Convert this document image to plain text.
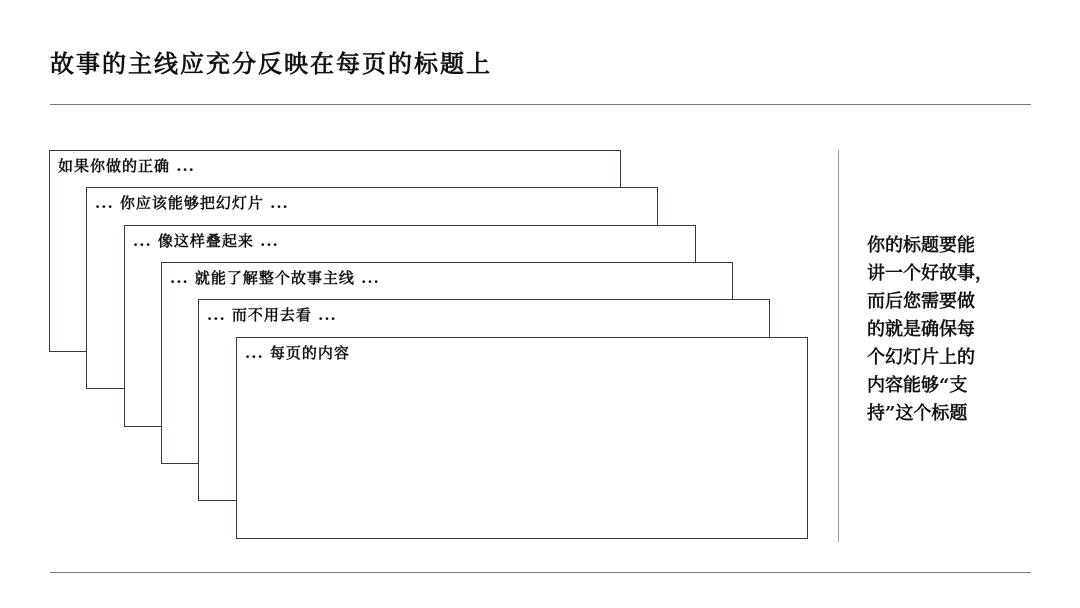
故事的主线应充分反映在每页的标题上
如果你做的正确 ...
... 你应该能够把幻灯片 ...
... 像这样叠起来 ...
... 就能了解整个故事主线 ...
... 而不用去看 ...
... 每页的内容
你的标题要能
讲一个好故事，
而后您需要做
的就是确保每
个幻灯片上的
内容能够“支
持”这个标题
